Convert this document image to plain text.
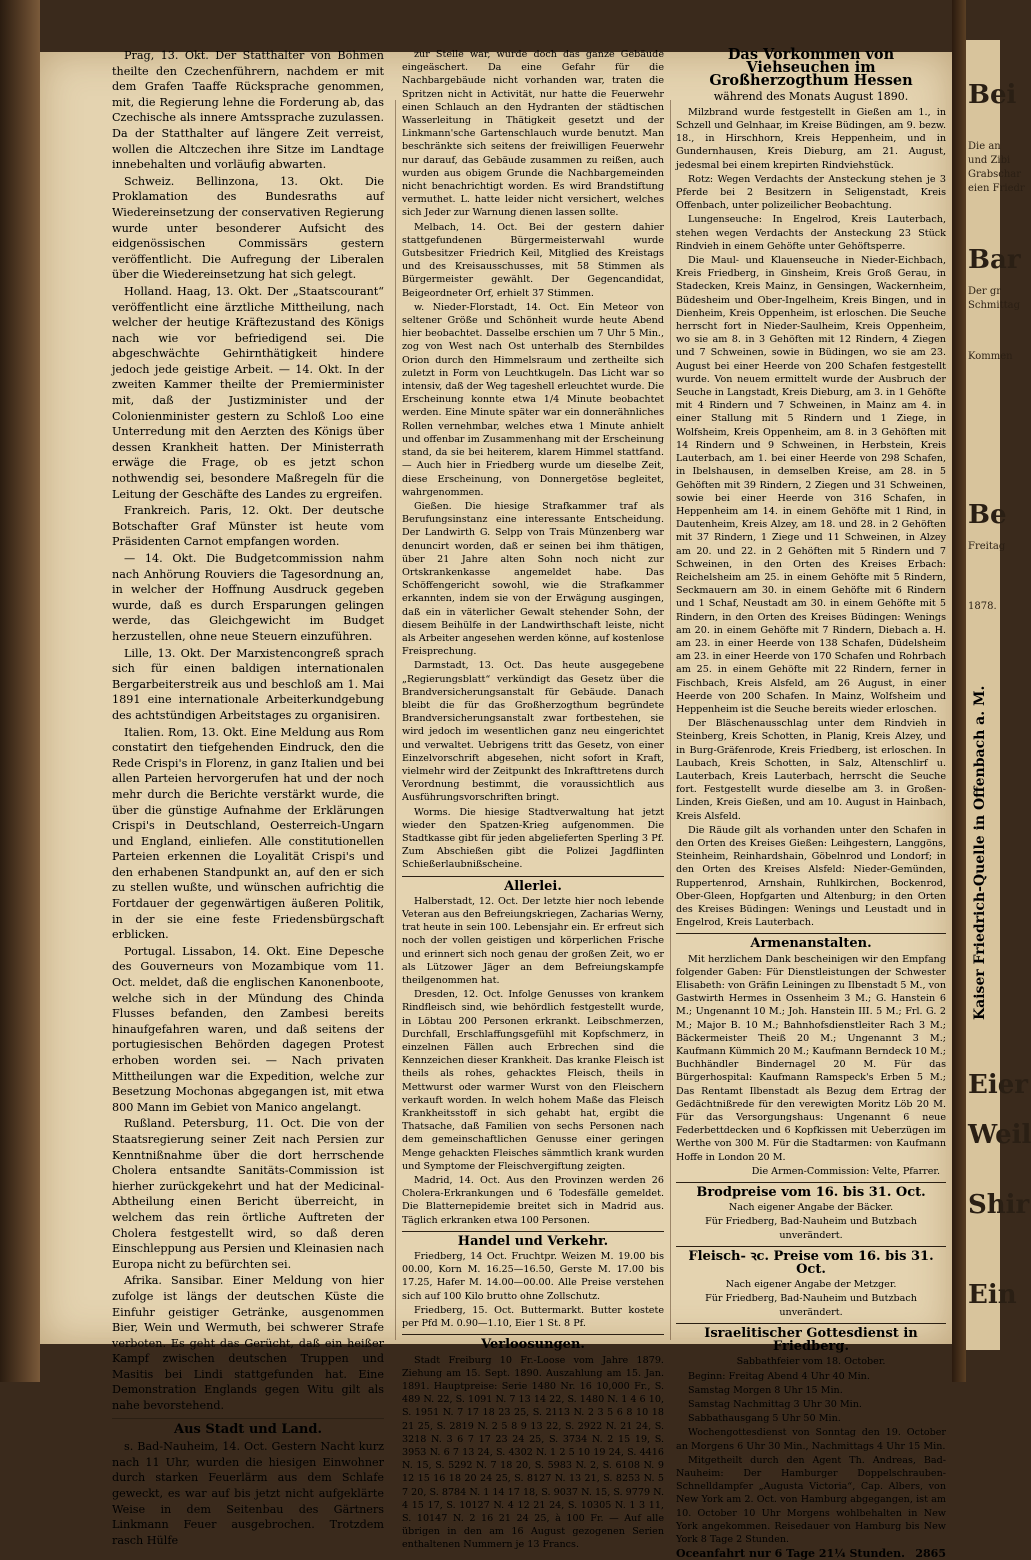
Bei
Die an
und Zibi
Grabschar
eien Friedr
Bar
Der gr
Schmittag
Kommen
Be
Freitag
1878.
Kaiser Friedrich-Quelle in Offenbach a. M.
Eier
Weil
Shir
Ein

Prag, 13. Okt. Der Statthalter von Böhmen theilte den Czechenführern, nachdem er mit dem Grafen Taaffe Rücksprache genommen, mit, die Regierung lehne die Forderung ab, das Czechische als innere Amtssprache zuzulassen. Da der Statthalter auf längere Zeit verreist, wollen die Altczechen ihre Sitze im Landtage innebehalten und vorläufig abwarten.

Schweiz. Bellinzona, 13. Okt. Die Proklamation des Bundesraths auf Wiedereinsetzung der conservativen Regierung wurde unter besonderer Aufsicht des eidgenössischen Commissärs gestern veröffentlicht. Die Aufregung der Liberalen über die Wiedereinsetzung hat sich gelegt.

Holland. Haag, 13. Okt. Der „Staatscourant“ veröffentlicht eine ärztliche Mittheilung, nach welcher der heutige Kräftezustand des Königs nach wie vor befriedigend sei. Die abgeschwächte Gehirnthätigkeit hindere jedoch jede geistige Arbeit. — 14. Okt. In der zweiten Kammer theilte der Premierminister mit, daß der Justizminister und der Colonienminister gestern zu Schloß Loo eine Unterredung mit den Aerzten des Königs über dessen Krankheit hatten. Der Ministerrath erwäge die Frage, ob es jetzt schon nothwendig sei, besondere Maßregeln für die Leitung der Geschäfte des Landes zu ergreifen.

Frankreich. Paris, 12. Okt. Der deutsche Botschafter Graf Münster ist heute vom Präsidenten Carnot empfangen worden.

— 14. Okt. Die Budgetcommission nahm nach Anhörung Rouviers die Tagesordnung an, in welcher der Hoffnung Ausdruck gegeben wurde, daß es durch Ersparungen gelingen werde, das Gleichgewicht im Budget herzustellen, ohne neue Steuern einzuführen.

Lille, 13. Okt. Der Marxistencongreß sprach sich für einen baldigen internationalen Bergarbeiterstreik aus und beschloß am 1. Mai 1891 eine internationale Arbeiterkundgebung des achtstündigen Arbeitstages zu organisiren.

Italien. Rom, 13. Okt. Eine Meldung aus Rom constatirt den tiefgehenden Eindruck, den die Rede Crispi's in Florenz, in ganz Italien und bei allen Parteien hervorgerufen hat und der noch mehr durch die Berichte verstärkt wurde, die über die günstige Aufnahme der Erklärungen Crispi's in Deutschland, Oesterreich-Ungarn und England, einliefen. Alle constitutionellen Parteien erkennen die Loyalität Crispi's und den erhabenen Standpunkt an, auf den er sich zu stellen wußte, und wünschen aufrichtig die Fortdauer der gegenwärtigen äußeren Politik, in der sie eine feste Friedensbürgschaft erblicken.

Portugal. Lissabon, 14. Okt. Eine Depesche des Gouverneurs von Mozambique vom 11. Oct. meldet, daß die englischen Kanonenboote, welche sich in der Mündung des Chinda Flusses befanden, den Zambesi bereits hinaufgefahren waren, und daß seitens der portugiesischen Behörden dagegen Protest erhoben worden sei. — Nach privaten Mittheilungen war die Expedition, welche zur Besetzung Mochonas abgegangen ist, mit etwa 800 Mann im Gebiet von Manico angelangt.

Rußland. Petersburg, 11. Oct. Die von der Staatsregierung seiner Zeit nach Persien zur Kenntnißnahme über die dort herrschende Cholera entsandte Sanitäts-Commission ist hierher zurückgekehrt und hat der Medicinal-Abtheilung einen Bericht überreicht, in welchem das rein örtliche Auftreten der Cholera festgestellt wird, so daß deren Einschleppung aus Persien und Kleinasien nach Europa nicht zu befürchten sei.

Afrika. Sansibar. Einer Meldung von hier zufolge ist längs der deutschen Küste die Einfuhr geistiger Getränke, ausgenommen Bier, Wein und Wermuth, bei schwerer Strafe verboten. Es geht das Gerücht, daß ein heißer Kampf zwischen deutschen Truppen und Masitis bei Lindi stattgefunden hat. Eine Demonstration Englands gegen Witu gilt als nahe bevorstehend.

Aus Stadt und Land.

s. Bad-Nauheim, 14. Oct. Gestern Nacht kurz nach 11 Uhr, wurden die hiesigen Einwohner durch starken Feuerlärm aus dem Schlafe geweckt, es war auf bis jetzt nicht aufgeklärte Weise in dem Seitenbau des Gärtners Linkmann Feuer ausgebrochen. Trotzdem rasch Hülfe

zur Stelle war, wurde doch das ganze Gebäude eingeäschert. Da eine Gefahr für die Nachbargebäude nicht vorhanden war, traten die Spritzen nicht in Activität, nur hatte die Feuerwehr einen Schlauch an den Hydranten der städtischen Wasserleitung in Thätigkeit gesetzt und der Linkmann'sche Gartenschlauch wurde benutzt. Man beschränkte sich seitens der freiwilligen Feuerwehr nur darauf, das Gebäude zusammen zu reißen, auch wurden aus obigem Grunde die Nachbargemeinden nicht benachrichtigt worden. Es wird Brandstiftung vermuthet. L. hatte leider nicht versichert, welches sich Jeder zur Warnung dienen lassen sollte.

Melbach, 14. Oct. Bei der gestern dahier stattgefundenen Bürgermeisterwahl wurde Gutsbesitzer Friedrich Keil, Mitglied des Kreistags und des Kreisausschusses, mit 58 Stimmen als Bürgermeister gewählt. Der Gegencandidat, Beigeordneter Orf, erhielt 37 Stimmen.

w. Nieder-Florstadt, 14. Oct. Ein Meteor von seltener Größe und Schönheit wurde heute Abend hier beobachtet. Dasselbe erschien um 7 Uhr 5 Min., zog von West nach Ost unterhalb des Sternbildes Orion durch den Himmelsraum und zertheilte sich zuletzt in Form von Leuchtkugeln. Das Licht war so intensiv, daß der Weg tageshell erleuchtet wurde. Die Erscheinung konnte etwa 1/4 Minute beobachtet werden. Eine Minute später war ein donnerähnliches Rollen vernehmbar, welches etwa 1 Minute anhielt und offenbar im Zusammenhang mit der Erscheinung stand, da sie bei heiterem, klarem Himmel stattfand. — Auch hier in Friedberg wurde um dieselbe Zeit, diese Erscheinung, von Donnergetöse begleitet, wahrgenommen.

Gießen. Die hiesige Strafkammer traf als Berufungsinstanz eine interessante Entscheidung. Der Landwirth G. Selpp von Trais Münzenberg war denuncirt worden, daß er seinen bei ihm thätigen, über 21 Jahre alten Sohn noch nicht zur Ortskrankenkasse angemeldet habe. Das Schöffengericht sowohl, wie die Strafkammer erkannten, indem sie von der Erwägung ausgingen, daß ein in väterlicher Gewalt stehender Sohn, der diesem Beihülfe in der Landwirthschaft leiste, nicht als Arbeiter angesehen werden könne, auf kostenlose Freisprechung.

Darmstadt, 13. Oct. Das heute ausgegebene „Regierungsblatt“ verkündigt das Gesetz über die Brandversicherungsanstalt für Gebäude. Danach bleibt die für das Großherzogthum begründete Brandversicherungsanstalt zwar fortbestehen, sie wird jedoch im wesentlichen ganz neu eingerichtet und verwaltet. Uebrigens tritt das Gesetz, von einer Einzelvorschrift abgesehen, nicht sofort in Kraft, vielmehr wird der Zeitpunkt des Inkrafttretens durch Verordnung bestimmt, die voraussichtlich aus Ausführungsvorschriften bringt.

Worms. Die hiesige Stadtverwaltung hat jetzt wieder den Spatzen-Krieg aufgenommen. Die Stadtkasse gibt für jeden abgelieferten Sperling 3 Pf. Zum Abschießen gibt die Polizei Jagdflinten Schießerlaubnißscheine.

Allerlei.

Halberstadt, 12. Oct. Der letzte hier noch lebende Veteran aus den Befreiungskriegen, Zacharias Werny, trat heute in sein 100. Lebensjahr ein. Er erfreut sich noch der vollen geistigen und körperlichen Frische und erinnert sich noch genau der großen Zeit, wo er als Lützower Jäger an dem Befreiungskampfe theilgenommen hat.

Dresden, 12. Oct. Infolge Genusses von krankem Rindfleisch sind, wie behördlich festgestellt wurde, in Löbtau 200 Personen erkrankt. Leibschmerzen, Durchfall, Erschlaffungsgefühl mit Kopfschmerz, in einzelnen Fällen auch Erbrechen sind die Kennzeichen dieser Krankheit. Das kranke Fleisch ist theils als rohes, gehacktes Fleisch, theils in Mettwurst oder warmer Wurst von den Fleischern verkauft worden. In welch hohem Maße das Fleisch Krankheitsstoff in sich gehabt hat, ergibt die Thatsache, daß Familien von sechs Personen nach dem gemeinschaftlichen Genusse einer geringen Menge gehackten Fleisches sämmtlich krank wurden und Symptome der Fleischvergiftung zeigten.

Madrid, 14. Oct. Aus den Provinzen werden 26 Cholera-Erkrankungen und 6 Todesfälle gemeldet. Die Blatternepidemie breitet sich in Madrid aus. Täglich erkranken etwa 100 Personen.

Handel und Verkehr.

Friedberg, 14 Oct. Fruchtpr. Weizen M. 19.00 bis 00.00, Korn M. 16.25—16.50, Gerste M. 17.00 bis 17.25, Hafer M. 14.00—00.00. Alle Preise verstehen sich auf 100 Kilo brutto ohne Zollschutz.

Friedberg, 15. Oct. Buttermarkt. Butter kostete per Pfd M. 0.90—1.10, Eier 1 St. 8 Pf.

Verloosungen.

Stadt Freiburg 10 Fr.-Loose vom Jahre 1879. Ziehung am 15. Sept. 1890. Auszahlung am 15. Jan. 1891. Hauptpreise: Serie 1480 Nr. 16 10,000 Fr., S. 489 N. 22, S. 1091 N. 7 13 14 22, S. 1480 N. 1 4 6 10, S. 1951 N. 7 17 18 23 25, S. 2113 N. 2 3 5 6 8 10 18 21 25, S. 2819 N. 2 5 8 9 13 22, S. 2922 N. 21 24, S. 3218 N. 3 6 7 17 23 24 25, S. 3734 N. 2 15 19, S. 3953 N. 6 7 13 24, S. 4302 N. 1 2 5 10 19 24, S. 4416 N. 15, S. 5292 N. 7 18 20, S. 5983 N. 2, S. 6108 N. 9 12 15 16 18 20 24 25, S. 8127 N. 13 21, S. 8253 N. 5 7 20, S. 8784 N. 1 14 17 18, S. 9037 N. 15, S. 9779 N. 4 15 17, S. 10127 N. 4 12 21 24, S. 10305 N. 1 3 11, S. 10147 N. 2 16 21 24 25, à 100 Fr. — Auf alle übrigen in den am 16 August gezogenen Serien enthaltenen Nummern je 13 Francs.

Das Vorkommen von Viehseuchen im Großherzogthum Hessen
während des Monats August 1890.

Milzbrand wurde festgestellt in Gießen am 1., in Schzell und Gelnhaar, im Kreise Büdingen, am 9. bezw. 18., in Hirschhorn, Kreis Heppenheim, und in Gundernhausen, Kreis Dieburg, am 21. August, jedesmal bei einem krepirten Rindviehstück.

Rotz: Wegen Verdachts der Ansteckung stehen je 3 Pferde bei 2 Besitzern in Seligenstadt, Kreis Offenbach, unter polizeilicher Beobachtung.

Lungenseuche: In Engelrod, Kreis Lauterbach, stehen wegen Verdachts der Ansteckung 23 Stück Rindvieh in einem Gehöfte unter Gehöftsperre.

Die Maul- und Klauenseuche in Nieder-Eichbach, Kreis Friedberg, in Ginsheim, Kreis Groß Gerau, in Stadecken, Kreis Mainz, in Gensingen, Wackernheim, Büdesheim und Ober-Ingelheim, Kreis Bingen, und in Dienheim, Kreis Oppenheim, ist erloschen. Die Seuche herrscht fort in Nieder-Saulheim, Kreis Oppenheim, wo sie am 8. in 3 Gehöften mit 12 Rindern, 4 Ziegen und 7 Schweinen, sowie in Büdingen, wo sie am 23. August bei einer Heerde von 200 Schafen festgestellt wurde. Von neuem ermittelt wurde der Ausbruch der Seuche in Langstadt, Kreis Dieburg, am 3. in 1 Gehöfte mit 4 Rindern und 7 Schweinen, in Mainz am 4. in einer Stallung mit 5 Rindern und 1 Ziege, in Wolfsheim, Kreis Oppenheim, am 8. in 3 Gehöften mit 14 Rindern und 9 Schweinen, in Herbstein, Kreis Lauterbach, am 1. bei einer Heerde von 298 Schafen, in Ibelshausen, in demselben Kreise, am 28. in 5 Gehöften mit 39 Rindern, 2 Ziegen und 31 Schweinen, sowie bei einer Heerde von 316 Schafen, in Heppenheim am 14. in einem Gehöfte mit 1 Rind, in Dautenheim, Kreis Alzey, am 18. und 28. in 2 Gehöften mit 37 Rindern, 1 Ziege und 11 Schweinen, in Alzey am 20. und 22. in 2 Gehöften mit 5 Rindern und 7 Schweinen, in den Orten des Kreises Erbach: Reichelsheim am 25. in einem Gehöfte mit 5 Rindern, Seckmauern am 30. in einem Gehöfte mit 6 Rindern und 1 Schaf, Neustadt am 30. in einem Gehöfte mit 5 Rindern, in den Orten des Kreises Büdingen: Wenings am 20. in einem Gehöfte mit 7 Rindern, Diebach a. H. am 23. in einer Heerde von 138 Schafen, Düdelsheim am 23. in einer Heerde von 170 Schafen und Rohrbach am 25. in einem Gehöfte mit 22 Rindern, ferner in Fischbach, Kreis Alsfeld, am 26 August, in einer Heerde von 200 Schafen. In Mainz, Wolfsheim und Heppenheim ist die Seuche bereits wieder erloschen.

Der Bläschenausschlag unter dem Rindvieh in Steinberg, Kreis Schotten, in Planig, Kreis Alzey, und in Burg-Gräfenrode, Kreis Friedberg, ist erloschen. In Laubach, Kreis Schotten, in Salz, Altenschlirf u. Lauterbach, Kreis Lauterbach, herrscht die Seuche fort. Festgestellt wurde dieselbe am 3. in Großen-Linden, Kreis Gießen, und am 10. August in Hainbach, Kreis Alsfeld.

Die Räude gilt als vorhanden unter den Schafen in den Orten des Kreises Gießen: Leihgestern, Langgöns, Steinheim, Reinhardshain, Göbelnrod und Londorf; in den Orten des Kreises Alsfeld: Nieder-Gemünden, Ruppertenrod, Arnshain, Ruhlkirchen, Bockenrod, Ober-Gleen, Hopfgarten und Altenburg; in den Orten des Kreises Büdingen: Wenings und Leustadt und in Engelrod, Kreis Lauterbach.

Armenanstalten.

Mit herzlichem Dank bescheinigen wir den Empfang folgender Gaben: Für Dienstleistungen der Schwester Elisabeth: von Gräfin Leiningen zu Ilbenstadt 5 M., von Gastwirth Hermes in Ossenheim 3 M.; G. Hanstein 6 M.; Ungenannt 10 M.; Joh. Hanstein III. 5 M.; Frl. G. 2 M.; Major B. 10 M.; Bahnhofsdienstleiter Rach 3 M.; Bäckermeister Theiß 20 M.; Ungenannt 3 M.; Kaufmann Kümmich 20 M.; Kaufmann Berndeck 10 M.; Buchhändler Bindernagel 20 M. Für das Bürgerhospital: Kaufmann Ramspeck's Erben 5 M.; Das Rentamt Ilbenstadt als Bezug dem Ertrag der Gedächtnißrede für den verewigten Moritz Löb 20 M. Für das Versorgungshaus: Ungenannt 6 neue Federbettdecken und 6 Kopfkissen mit Ueberzügen im Werthe von 300 M. Für die Stadtarmen: von Kaufmann Hoffe in London 20 M.

Die Armen-Commission: Velte, Pfarrer.

Brodpreise vom 16. bis 31. Oct.

Nach eigener Angabe der Bäcker.

Für Friedberg, Bad-Nauheim und Butzbach unverändert.

Fleisch- ꝛc. Preise vom 16. bis 31. Oct.

Nach eigener Angabe der Metzger.

Für Friedberg, Bad-Nauheim und Butzbach unverändert.

Israelitischer Gottesdienst in Friedberg.

Sabbathfeier vom 18. October.

Beginn: Freitag Abend 4 Uhr 40 Min.

Samstag Morgen 8 Uhr 15 Min.

Samstag Nachmittag 3 Uhr 30 Min.

Sabbathausgang 5 Uhr 50 Min.

Wochengottesdienst von Sonntag den 19. October an Morgens 6 Uhr 30 Min., Nachmittags 4 Uhr 15 Min.

Mitgetheilt durch den Agent Th. Andreas, Bad-Nauheim: Der Hamburger Doppelschrauben-Schnelldampfer „Augusta Victoria“, Cap. Albers, von New York am 2. Oct. von Hamburg abgegangen, ist am 10. October 10 Uhr Morgens wohlbehalten in New York angekommen. Reisedauer von Hamburg bis New York 8 Tage 2 Stunden.

Oceanfahrt nur 6 Tage 21¼ Stunden. 2865
